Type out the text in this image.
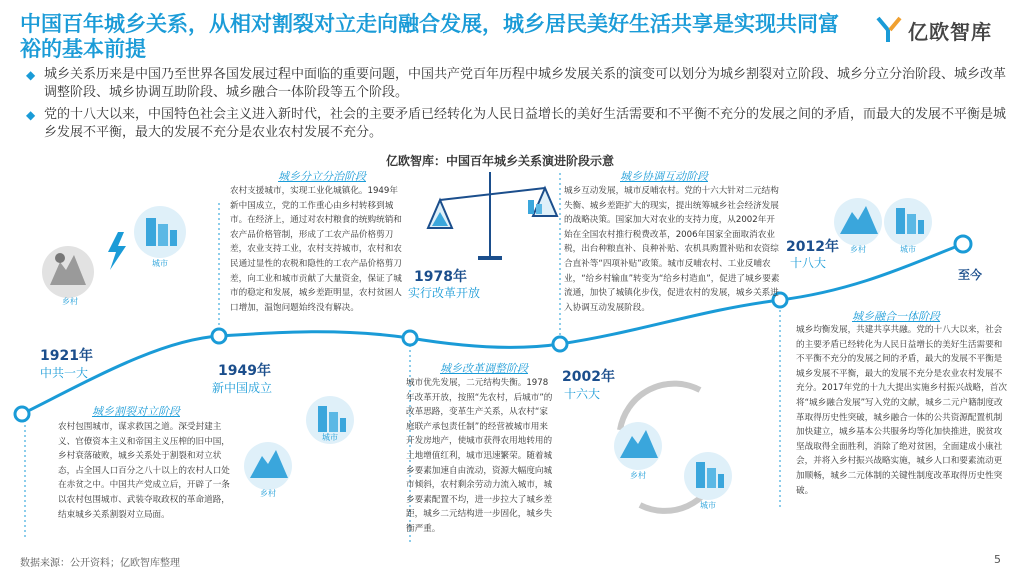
中国百年城乡关系，从相对割裂对立走向融合发展，城乡居民美好生活共享是实现共同富裕的基本前提
亿欧智库
◆ 城乡关系历来是中国乃至世界各国发展过程中面临的重要问题，中国共产党百年历程中城乡发展关系的演变可以划分为城乡割裂对立阶段、城乡分立分治阶段、城乡改革调整阶段、城乡协调互助阶段、城乡融合一体阶段等五个阶段。
◆ 党的十八大以来，中国特色社会主义进入新时代，社会的主要矛盾已经转化为人民日益增长的美好生活需要和不平衡不充分的发展之间的矛盾，而最大的发展不平衡是城乡发展不平衡，最大的发展不充分是农业农村发展不充分。
乡村
城市
乡村
城市
乡村
城市
乡村	城市
亿欧智库：中国百年城乡关系演进阶段示意
1921年
中共一大	1949年
新中国成立
1978年
实行改革开放
2002年
十六大
2012年
十八大
至今
城乡割裂对立阶段
农村包围城市，谋求救国之道。深受封建主义、官僚资本主义和帝国主义压榨的旧中国，乡村衰落破败，城乡关系处于割裂和对立状态，占全国人口百分之八十以上的农村人口处在赤贫之中。中国共产党成立后，开辟了一条以农村包围城市、武装夺取政权的革命道路，结束城乡关系割裂对立局面。
城乡分立分治阶段
农村支援城市，实现工业化城镇化。1949年新中国成立，党的工作重心由乡村转移到城市。在经济上，通过对农村粮食的统购统销和农产品价格管制，形成了工农产品价格剪刀差，农业支持工业，农村支持城市，农村和农民通过显性的农税和隐性的工农产品价格剪刀差，向工业和城市贡献了大量资金，保证了城市的稳定和发展，城乡差距明显，农村贫困人口增加，温饱问题始终没有解决。
城乡改革调整阶段
城市优先发展，二元结构失衡。1978年改革开放，按照“先农村，后城市”的改革思路，变革生产关系，从农村“家庭联产承包责任制”的经营被城市用来开发房地产，使城市获得农用地转用的土地增值红利，城市迅速繁荣。随着城乡要素加速自由流动，资源大幅度向城市倾斜，农村剩余劳动力流入城市，城乡要素配置不均，进一步拉大了城乡差距，城乡二元结构进一步固化，城乡失衡严重。
城乡协调互动阶段
城乡互动发展，城市反哺农村。党的十六大针对二元结构失衡、城乡差距扩大的现实，提出统筹城乡社会经济发展的战略决策。国家加大对农业的支持力度，从2002年开始在全国农村推行税费改革，2006年国家全面取消农业税，出台种粮直补、良种补贴、农机具购置补贴和农资综合直补等“四项补贴”政策。城市反哺农村、工业反哺农业，“给乡村输血”转变为“给乡村造血”，促进了城乡要素流通，加快了城镇化步伐，促进农村的发展，城乡关系进入协调互动发展阶段。
城乡融合一体阶段
城乡均衡发展，共建共享共融。党的十八大以来，社会的主要矛盾已经转化为人民日益增长的美好生活需要和不平衡不充分的发展之间的矛盾，最大的发展不平衡是城乡发展不平衡，最大的发展不充分是农业农村发展不充分。2017年党的十九大提出实施乡村振兴战略，首次将“城乡融合发展”写入党的文献，城乡二元户籍制度改革取得历史性突破，城乡融合一体的公共资源配置机制加快建立，城乡基本公共服务均等化加快推进，脱贫攻坚战取得全面胜利，消除了绝对贫困，全面建成小康社会，并将入乡村振兴战略实施，城乡人口和要素流动更加顺畅，城乡二元体制的关键性制度改革取得历史性突破。
数据来源：公开资料；亿欧智库整理	5
